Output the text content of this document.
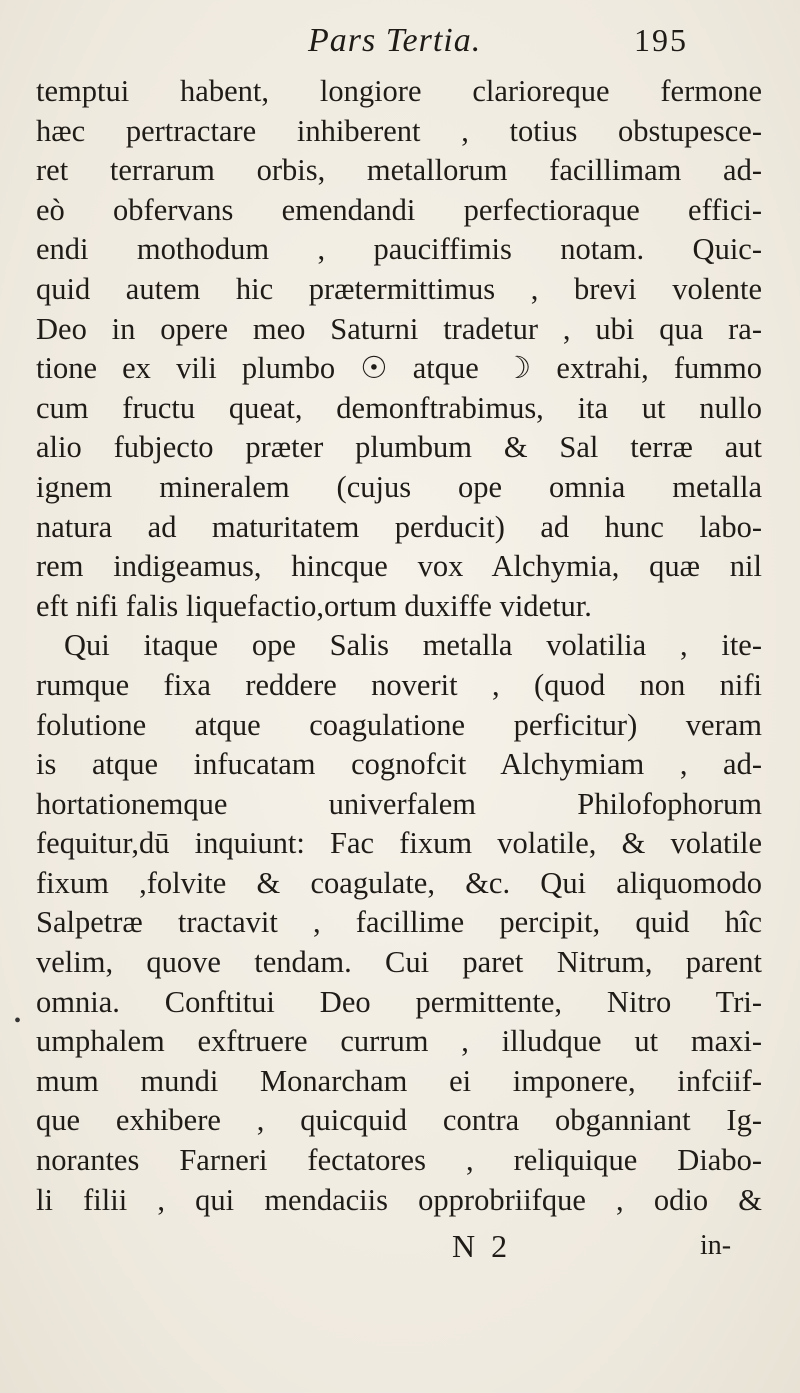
Pars Tertia.	195
temptui habent, longiore clarioreque fermone
hæc pertractare inhiberent , totius obstupesce-
ret terrarum orbis, metallorum facillimam ad-
eò obfervans emendandi perfectioraque effici-
endi mothodum , pauciffimis notam. Quic-
quid autem hic prætermittimus , brevi volente
Deo in opere meo Saturni tradetur , ubi qua ra-
tione ex vili plumbo ☉ atque ☽ extrahi, fummo
cum fructu queat, demonftrabimus, ita ut nullo
alio fubjecto præter plumbum & Sal terræ aut
ignem mineralem (cujus ope omnia metalla
natura ad maturitatem perducit) ad hunc labo-
rem indigeamus, hincque vox Alchymia, quæ nil
eft nifi falis liquefactio,ortum duxiffe videtur.
Qui itaque ope Salis metalla volatilia , ite-
rumque fixa reddere noverit , (quod non nifi
folutione atque coagulatione perficitur) veram
is atque infucatam cognofcit Alchymiam , ad-
hortationemque univerfalem Philofophorum
fequitur,dū inquiunt: Fac fixum volatile, & volatile
fixum ,folvite & coagulate, &c. Qui aliquomodo
Salpetræ tractavit , facillime percipit, quid hîc
velim, quove tendam. Cui paret Nitrum, parent
omnia. Conftitui Deo permittente, Nitro Tri-
umphalem exftruere currum , illudque ut maxi-
mum mundi Monarcham ei imponere, infciif-
que exhibere , quicquid contra obganniant Ig-
norantes Farneri fectatores , reliquique Diabo-
li filii , qui mendaciis opprobriifque , odio &
•
N 2	in-
